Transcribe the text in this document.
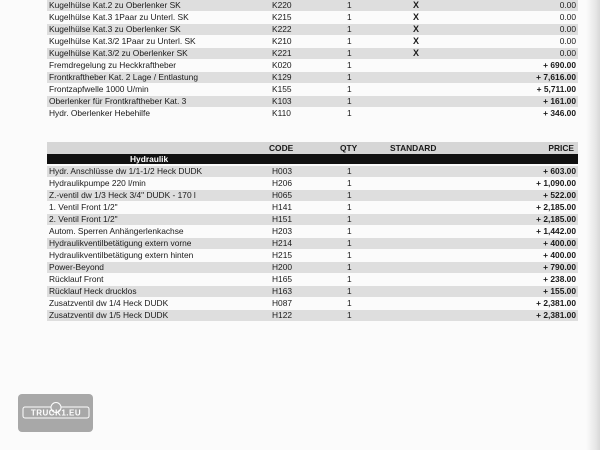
Kugelhülse Kat.2 zu Oberlenker SK	K220	1	X	0.00
Kugelhülse Kat.3 1Paar zu Unterl. SK	K215	1	X	0.00
Kugelhülse Kat.3 zu Oberlenker SK	K222	1	X	0.00
Kugelhülse Kat.3/2 1Paar zu Unterl. SK	K210	1	X	0.00
Kugelhülse Kat.3/2 zu Oberlenker SK	K221	1	X	0.00
Fremdregelung zu Heckkraftheber	K020	1	+ 690.00
Frontkraftheber Kat. 2 Lage / Entlastung	K129	1	+ 7,616.00
Frontzapfwelle 1000 U/min	K155	1	+ 5,711.00
Oberlenker für Frontkraftheber Kat. 3	K103	1	+ 161.00
Hydr. Oberlenker Hebehilfe	K110	1	+ 346.00
CODE	QTY	STANDARD	PRICE
Hydraulik
Hydr. Anschlüsse dw 1/1-1/2 Heck DUDK	H003	1	+ 603.00
Hydraulikpumpe 220 l/min	H206	1	+ 1,090.00
Z.-ventil dw 1/3 Heck 3/4" DUDK - 170 l	H065	1	+ 522.00
1. Ventil Front 1/2"	H141	1	+ 2,185.00
2. Ventil Front 1/2"	H151	1	+ 2,185.00
Autom. Sperren Anhängerlenkachse	H203	1	+ 1,442.00
Hydraulikventilbetätigung extern vorne	H214	1	+ 400.00
Hydraulikventilbetätigung extern hinten	H215	1	+ 400.00
Power-Beyond	H200	1	+ 790.00
Rücklauf Front	H165	1	+ 238.00
Rücklauf Heck drucklos	H163	1	+ 155.00
Zusatzventil dw 1/4 Heck DUDK	H087	1	+ 2,381.00
Zusatzventil dw 1/5 Heck DUDK	H122	1	+ 2,381.00
TRUCK1.EU
